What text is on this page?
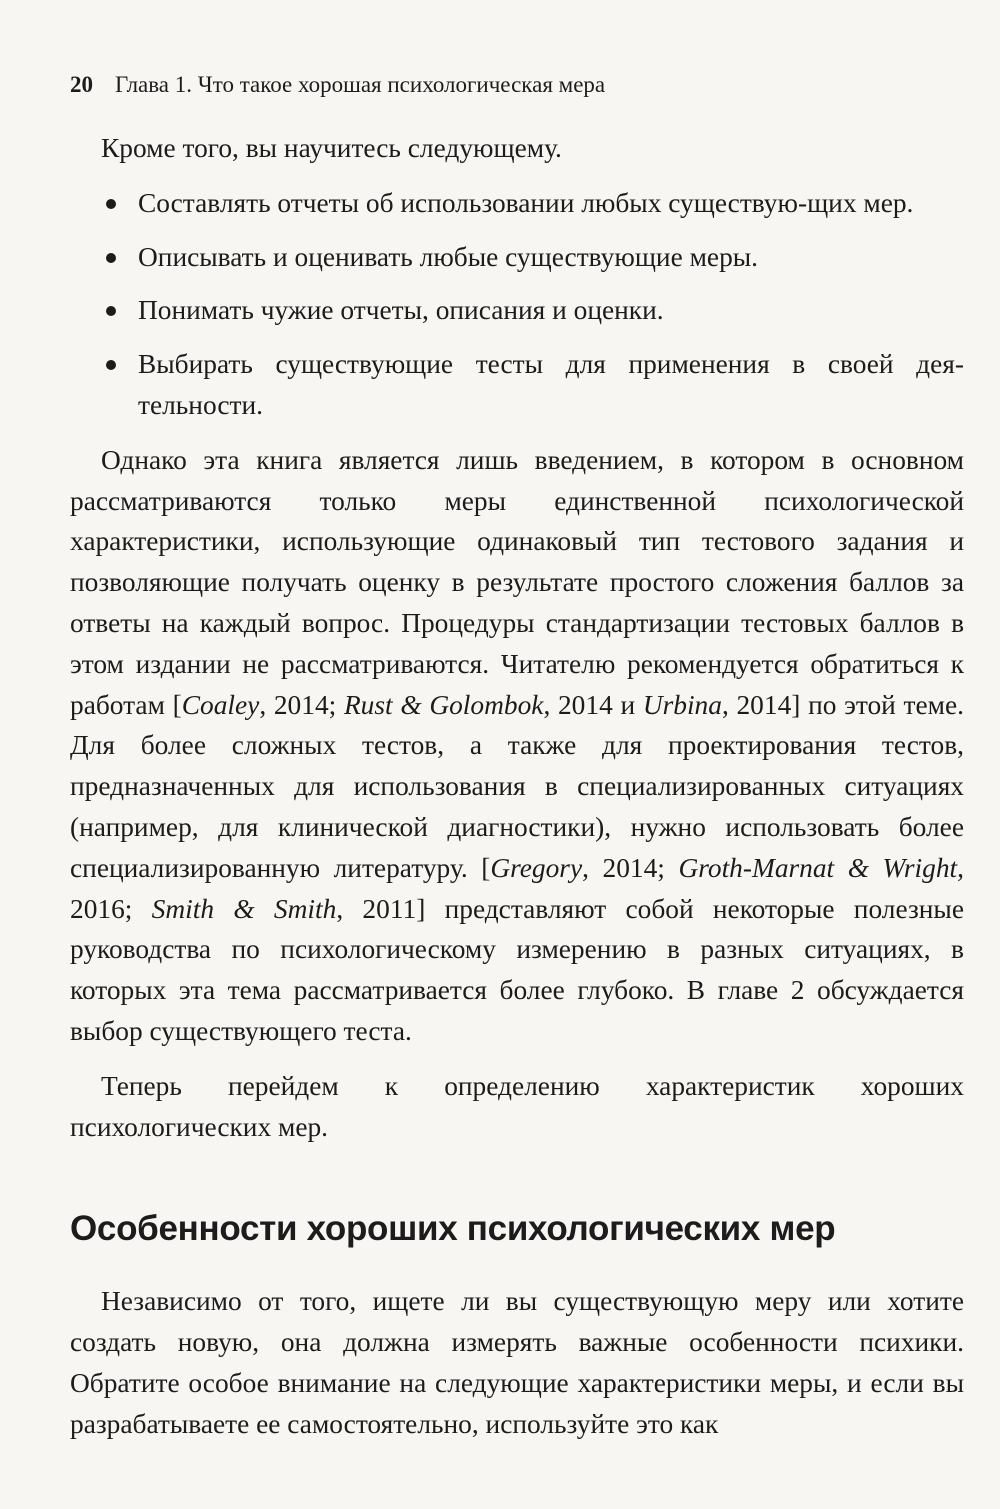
20 Глава 1. Что такое хорошая психологическая мера

Кроме того, вы научитесь следующему.

Составлять отчеты об использовании любых существую-щих мер.
Описывать и оценивать любые существующие меры.
Понимать чужие отчеты, описания и оценки.
Выбирать существующие тесты для применения в своей дея-тельности.

Однако эта книга является лишь введением, в котором в основном рассматриваются только меры единственной психологической характеристики, использующие одинаковый тип тестового задания и позволяющие получать оценку в результате простого сложения баллов за ответы на каждый вопрос. Процедуры стандартизации тестовых баллов в этом издании не рассматриваются. Читателю рекомендуется обратиться к работам [Coaley, 2014; Rust & Golombok, 2014 и Urbina, 2014] по этой теме. Для более сложных тестов, а также для проектирования тестов, предназначенных для использования в специализированных ситуациях (например, для клинической диагностики), нужно использовать более специализированную литературу. [Gregory, 2014; Groth-Marnat & Wright, 2016; Smith & Smith, 2011] представляют собой некоторые полезные руководства по психологическому измерению в разных ситуациях, в которых эта тема рассматривается более глубоко. В главе 2 обсуждается выбор существующего теста.

Теперь перейдем к определению характеристик хороших психологических мер.

Особенности хороших психологических мер

Независимо от того, ищете ли вы существующую меру или хотите создать новую, она должна измерять важные особенности психики. Обратите особое внимание на следующие характеристики меры, и если вы разрабатываете ее самостоятельно, используйте это как
